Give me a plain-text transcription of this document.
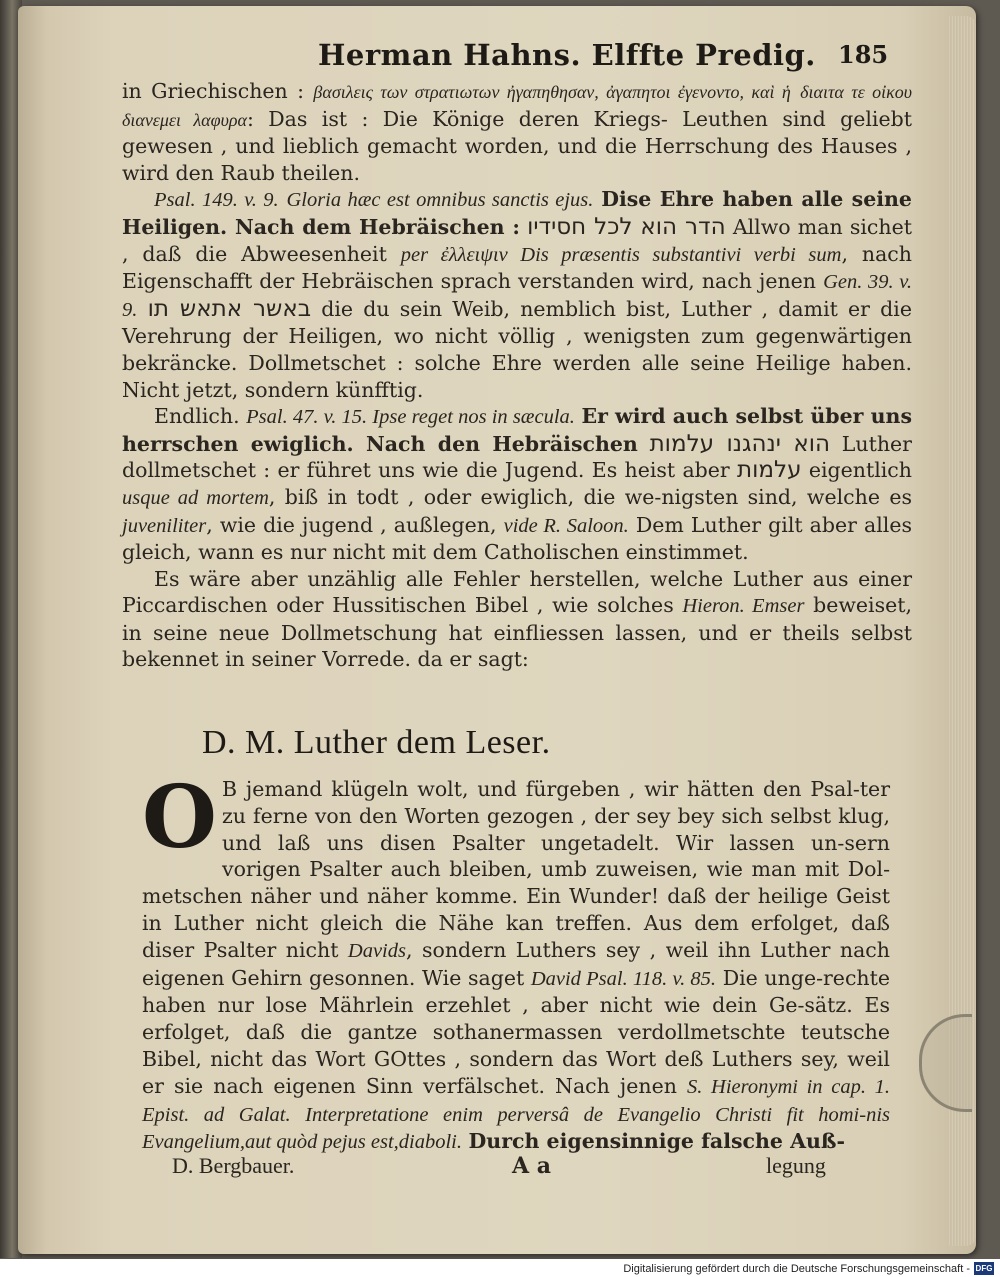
Herman Hahns. Elffte Predig. 185

in Griechischen : βασιλεις των στρατιωτων ἠγαπηθησαν, ἀγαπητοι ἐγενοντο, καὶ ἡ διαιτα τε οἰκου διανεμει λαφυρα: Das ist : Die Könige deren Kriegs- Leuthen sind geliebt gewesen , und lieblich gemacht worden, und die Herrschung des Hauses , wird den Raub theilen.

Psal. 149. v. 9. Gloria hæc est omnibus sanctis ejus. Dise Ehre haben alle seine Heiligen. Nach dem Hebräischen : הדר הוא לכל חסידיו Allwo man sichet , daß die Abweesenheit per ἐλλειψιν Dis præsentis substantivi verbi sum, nach Eigenschafft der Hebräischen sprach verstanden wird, nach jenen Gen. 39. v. 9. באשר אתאש תו die du sein Weib, nemblich bist, Luther , damit er die Verehrung der Heiligen, wo nicht völlig , wenigsten zum gegenwärtigen bekräncke. Dollmetschet : solche Ehre werden alle seine Heilige haben. Nicht jetzt, sondern künfftig.

Endlich. Psal. 47. v. 15. Ipse reget nos in sæcula. Er wird auch selbst über uns herrschen ewiglich. Nach den Hebräischen הוא ינהגנו עלמות Luther dollmetschet : er führet uns wie die Jugend. Es heist aber עלמות eigentlich usque ad mortem, biß in todt , oder ewiglich, die we-nigsten sind, welche es juveniliter, wie die jugend , außlegen, vide R. Saloon. Dem Luther gilt aber alles gleich, wann es nur nicht mit dem Catholischen einstimmet.

Es wäre aber unzählig alle Fehler herstellen, welche Luther aus einer Piccardischen oder Hussitischen Bibel , wie solches Hieron. Emser beweiset, in seine neue Dollmetschung hat einfliessen lassen, und er theils selbst bekennet in seiner Vorrede. da er sagt:

D. M. Luther dem Leser.
O B jemand klügeln wolt, und fürgeben , wir hätten den Psal-ter zu ferne von den Worten gezogen , der sey bey sich selbst klug, und laß uns disen Psalter ungetadelt. Wir lassen un-sern vorigen Psalter auch bleiben, umb zuweisen, wie man mit Dol-metschen näher und näher komme. Ein Wunder! daß der heilige Geist in Luther nicht gleich die Nähe kan treffen. Aus dem erfolget, daß diser Psalter nicht Davids, sondern Luthers sey , weil ihn Luther nach eigenen Gehirn gesonnen. Wie saget David Psal. 118. v. 85. Die unge-rechte haben nur lose Mährlein erzehlet , aber nicht wie dein Ge-sätz. Es erfolget, daß die gantze sothanermassen verdollmetschte teutsche Bibel, nicht das Wort GOttes , sondern das Wort deß Luthers sey, weil er sie nach eigenen Sinn verfälschet. Nach jenen S. Hieronymi in cap. 1. Epist. ad Galat. Interpretatione enim perversâ de Evangelio Christi fit homi-nis Evangelium,aut quòd pejus est,diaboli. Durch eigensinnige falsche Auß-
D. Bergbauer.	A a	legung
Digitalisierung gefördert durch die Deutsche Forschungsgemeinschaft - DFG
